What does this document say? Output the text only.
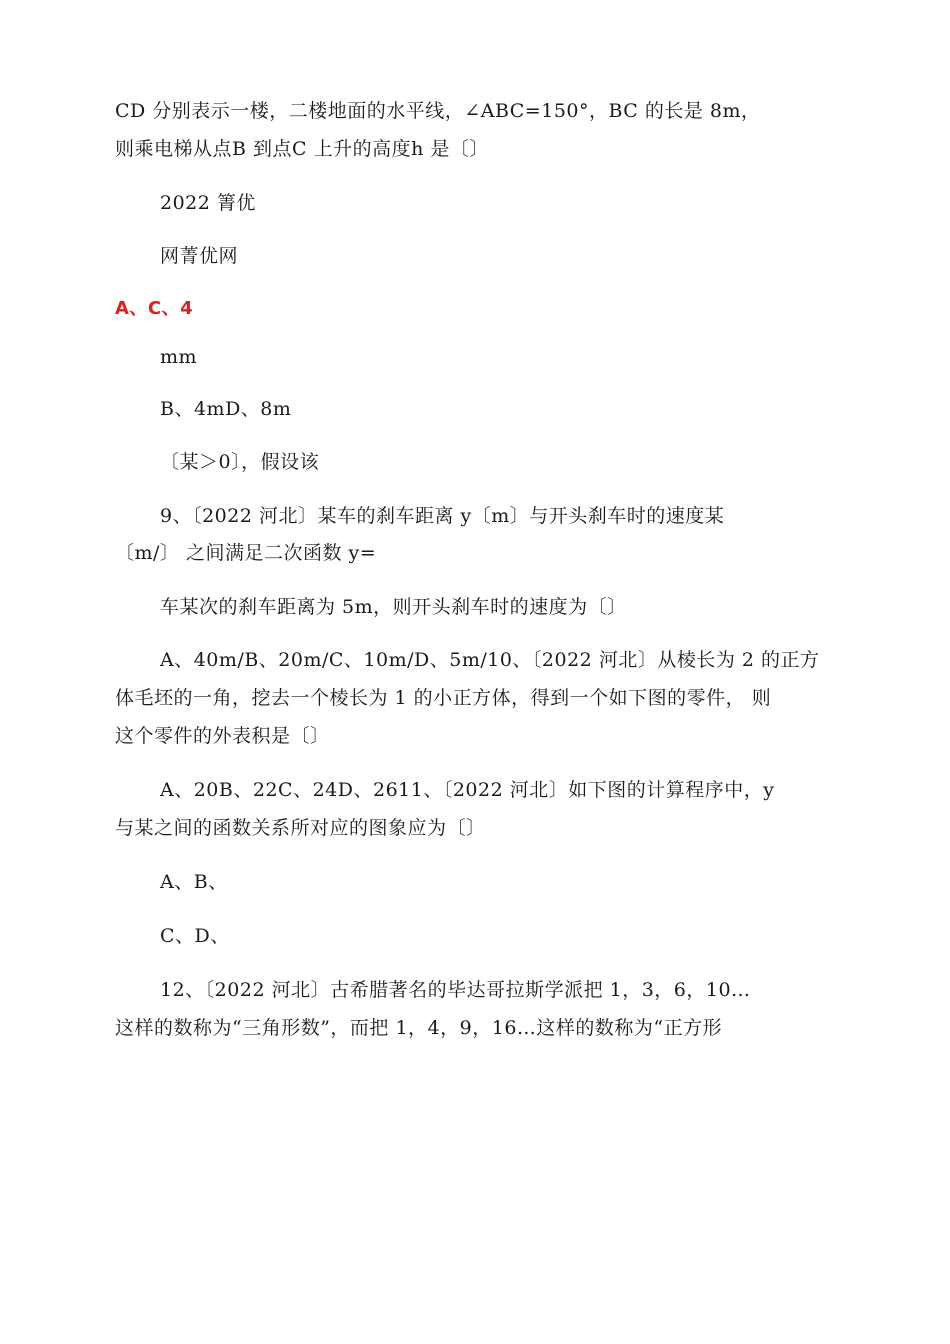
CD 分别表示一楼，二楼地面的水平线，∠ABC=150°，BC 的长是 8m，
则乘电梯从点B 到点C 上升的高度h 是〔〕
2022 箐优
网菁优网
A、C、4
mm
B、4mD、8m
〔某＞0〕，假设该
9、〔2022 河北〕某车的刹车距离 y〔m〕与开头刹车时的速度某
〔m/〕 之间满足二次函数 y=
车某次的刹车距离为 5m，则开头刹车时的速度为〔〕
A、40m/B、20m/C、10m/D、5m/10、〔2022 河北〕从棱长为 2 的正方
体毛坯的一角，挖去一个棱长为 1 的小正方体，得到一个如下图的零件， 则
这个零件的外表积是〔〕
A、20B、22C、24D、2611、〔2022 河北〕如下图的计算程序中，y
与某之间的函数关系所对应的图象应为〔〕
A、B、
C、D、
12、〔2022 河北〕古希腊著名的毕达哥拉斯学派把 1，3，6，10…
这样的数称为“三角形数”，而把 1，4，9，16…这样的数称为“正方形
